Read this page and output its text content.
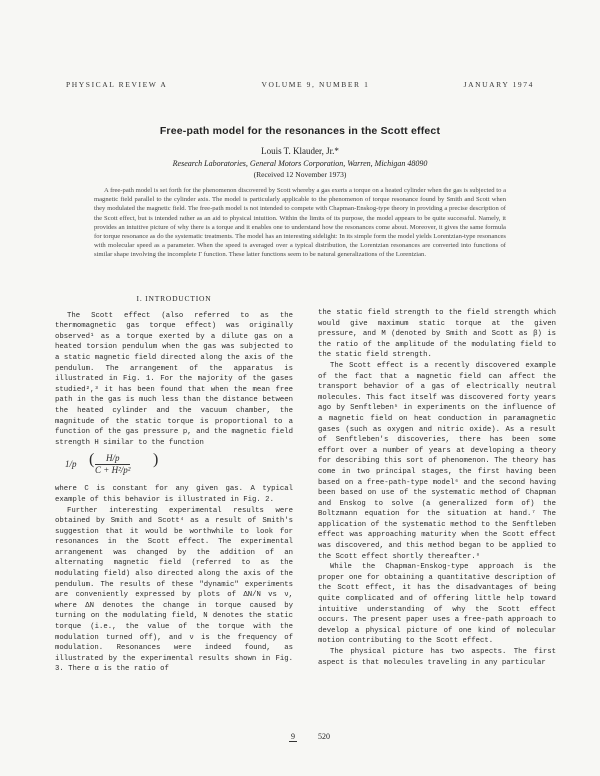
PHYSICAL REVIEW A	VOLUME 9, NUMBER 1	JANUARY 1974
Free-path model for the resonances in the Scott effect
Louis T. Klauder, Jr.*
Research Laboratories, General Motors Corporation, Warren, Michigan 48090
(Received 12 November 1973)

A free-path model is set forth for the phenomenon discovered by Scott whereby a gas exerts a torque on a heated cylinder when the gas is subjected to a magnetic field parallel to the cylinder axis. The model is particularly applicable to the phenomenon of torque resonance found by Smith and Scott when they modulated the magnetic field. The free-path model is not intended to compete with Chapman-Enskog-type theory in providing a precise description of the Scott effect, but is intended rather as an aid to physical intuition. Within the limits of its purpose, the model appears to be quite successful. Namely, it provides an intuitive picture of why there is a torque and it enables one to understand how the resonances come about. Moreover, it gives the same formula for torque resonance as do the systematic treatments. The model has an interesting sidelight: In its simple form the model yields Lorentzian-type resonances with molecular speed as a parameter. When the speed is averaged over a typical distribution, the Lorentzian resonances are converted into functions of similar shape involving the incomplete Γ function. These latter functions seem to be natural generalizations of the Lorentzian.

I. INTRODUCTION

The Scott effect (also referred to as the thermomagnetic gas torque effect) was originally observed¹ as a torque exerted by a dilute gas on a heated torsion pendulum when the gas was subjected to a static magnetic field directed along the axis of the pendulum. The arrangement of the apparatus is illustrated in Fig. 1. For the majority of the gases studied²,³ it has been found that when the mean free path in the gas is much less than the distance between the heated cylinder and the vacuum chamber, the magnitude of the static torque is proportional to a function of the gas pressure p, and the magnetic field strength H similar to the function

1/p ( $\frac{H/p}{\text{C + H²/p²}}$ )

where C is constant for any given gas. A typical example of this behavior is illustrated in Fig. 2.

Further interesting experimental results were obtained by Smith and Scott⁴ as a result of Smith's suggestion that it would be worthwhile to look for resonances in the Scott effect. The experimental arrangement was changed by the addition of an alternating magnetic field (referred to as the modulating field) also directed along the axis of the pendulum. The results of these "dynamic" experiments are conveniently expressed by plots of ΔN/N vs ν, where ΔN denotes the change in torque caused by turning on the modulating field, N denotes the static torque (i.e., the value of the torque with the modulation turned off), and ν is the frequency of modulation. Resonances were indeed found, as illustrated by the experimental results shown in Fig. 3. There α is the ratio of

the static field strength to the field strength which would give maximum static torque at the given pressure, and M (denoted by Smith and Scott as β) is the ratio of the amplitude of the modulating field to the static field strength.

The Scott effect is a recently discovered example of the fact that a magnetic field can affect the transport behavior of a gas of electrically neutral molecules. This fact itself was discovered forty years ago by Senftleben⁵ in experiments on the influence of a magnetic field on heat conduction in paramagnetic gases (such as oxygen and nitric oxide). As a result of Senftleben's discoveries, there has been some effort over a number of years at developing a theory for describing this sort of phenomenon. The theory has come in two principal stages, the first having been based on a free-path-type model⁶ and the second having been based on use of the systematic method of Chapman and Enskog to solve (a generalized form of) the Boltzmann equation for the situation at hand.⁷ The application of the systematic method to the Senftleben effect was approaching maturity when the Scott effect was discovered, and this method began to be applied to the Scott effect shortly thereafter.⁸

While the Chapman-Enskog-type approach is the proper one for obtaining a quantitative description of the Scott effect, it has the disadvantages of being quite complicated and of offering little help toward intuitive understanding of why the Scott effect occurs. The present paper uses a free-path approach to develop a physical picture of one kind of molecular motion contributing to the Scott effect.

The physical picture has two aspects. The first aspect is that molecules traveling in any particular

9	520
